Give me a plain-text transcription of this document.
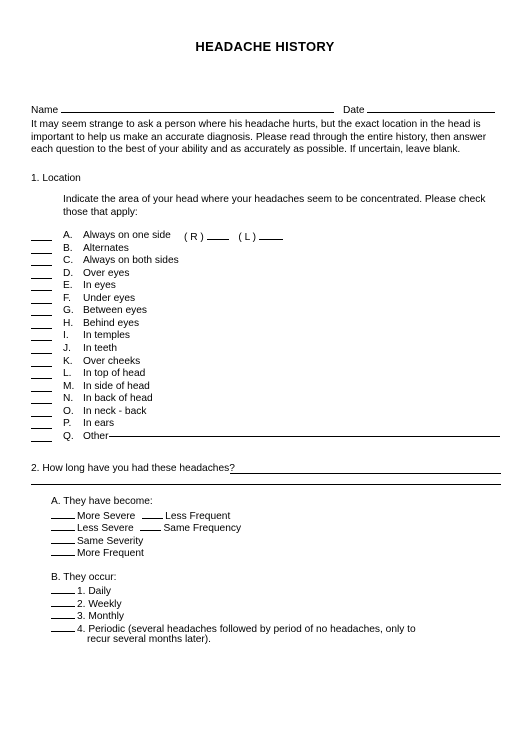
HEADACHE HISTORY
Name	Date
It may seem strange to ask a person where his headache hurts, but the exact location in the head is important to help us make an accurate diagnosis. Please read through the entire history, then answer each question to the best of your ability and as accurately as possible. If uncertain, leave blank.
1. Location
Indicate the area of your head where your headaches seem to be concentrated. Please check those that apply:
A. Always on one side
B. Alternates
C. Always on both sides
D. Over eyes
E. In eyes
F. Under eyes
G. Between eyes
H. Behind eyes
I. In temples
J. In teeth
K. Over cheeks
L. In top of head
M. In side of head
N. In back of head
O. In neck - back
P. In ears
Q. Other
( R )	( L )
2. How long have you had these headaches?
A. They have become:
More Severe	Less Frequent
Less Severe	Same Frequency
Same Severity
More Frequent
B. They occur:
1. Daily
2. Weekly
3. Monthly
4. Periodic (several headaches followed by period of no headaches, only to
recur several months later).
